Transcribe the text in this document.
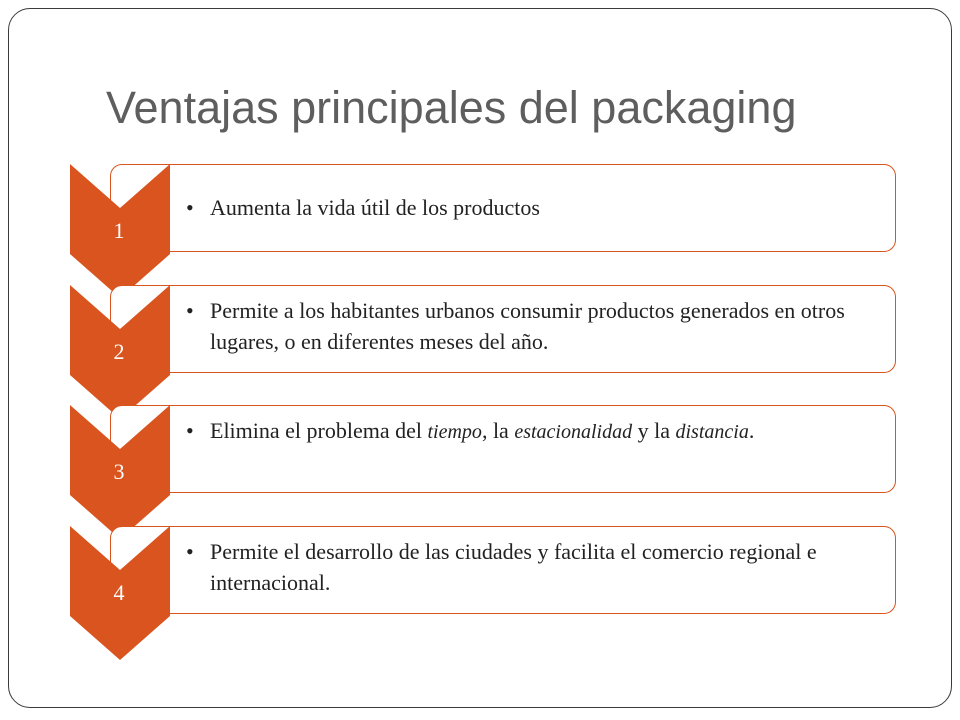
Ventajas principales del packaging
1
• Aumenta la vida útil de los productos
2
• Permite a los habitantes urbanos consumir productos generados en otros lugares, o en diferentes meses del año.
3
• Elimina el problema del tiempo, la estacionalidad y la distancia.
4
• Permite el desarrollo de las ciudades y facilita el comercio regional e internacional.
